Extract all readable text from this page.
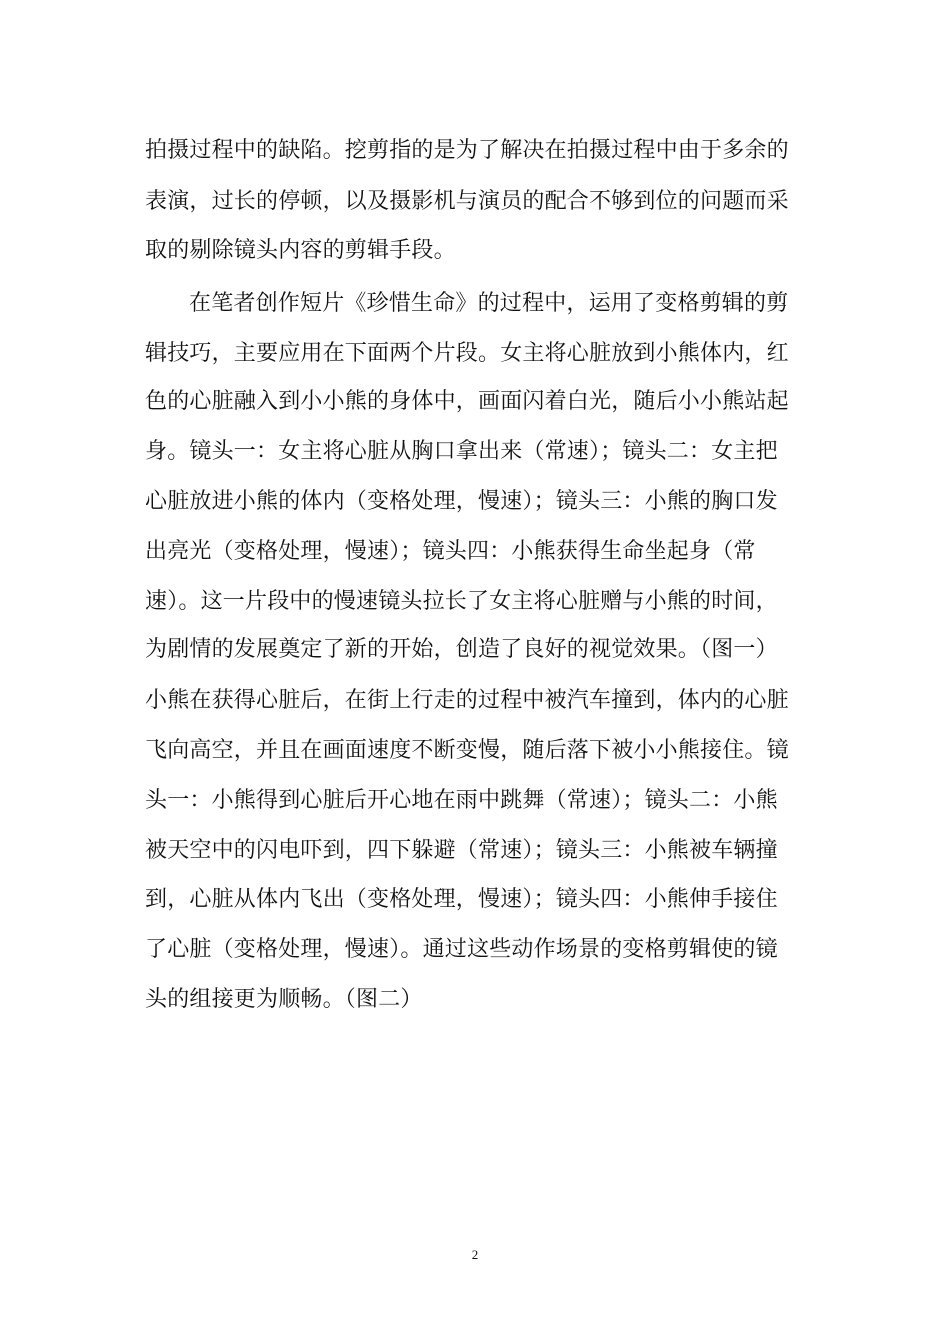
拍摄过程中的缺陷。挖剪指的是为了解决在拍摄过程中由于多余的
表演，过长的停顿，以及摄影机与演员的配合不够到位的问题而采
取的剔除镜头内容的剪辑手段。
在笔者创作短片《珍惜生命》的过程中，运用了变格剪辑的剪
辑技巧，主要应用在下面两个片段。女主将心脏放到小熊体内，红
色的心脏融入到小小熊的身体中，画面闪着白光，随后小小熊站起
身。镜头一：女主将心脏从胸口拿出来（常速）；镜头二：女主把
心脏放进小熊的体内（变格处理，慢速）；镜头三：小熊的胸口发
出亮光（变格处理，慢速）；镜头四：小熊获得生命坐起身（常
速）。这一片段中的慢速镜头拉长了女主将心脏赠与小熊的时间，
为剧情的发展奠定了新的开始，创造了良好的视觉效果。（图一）
小熊在获得心脏后，在街上行走的过程中被汽车撞到，体内的心脏
飞向高空，并且在画面速度不断变慢，随后落下被小小熊接住。镜
头一：小熊得到心脏后开心地在雨中跳舞（常速）；镜头二：小熊
被天空中的闪电吓到，四下躲避（常速）；镜头三：小熊被车辆撞
到，心脏从体内飞出（变格处理，慢速）；镜头四：小熊伸手接住
了心脏（变格处理，慢速）。通过这些动作场景的变格剪辑使的镜
头的组接更为顺畅。（图二）
2
